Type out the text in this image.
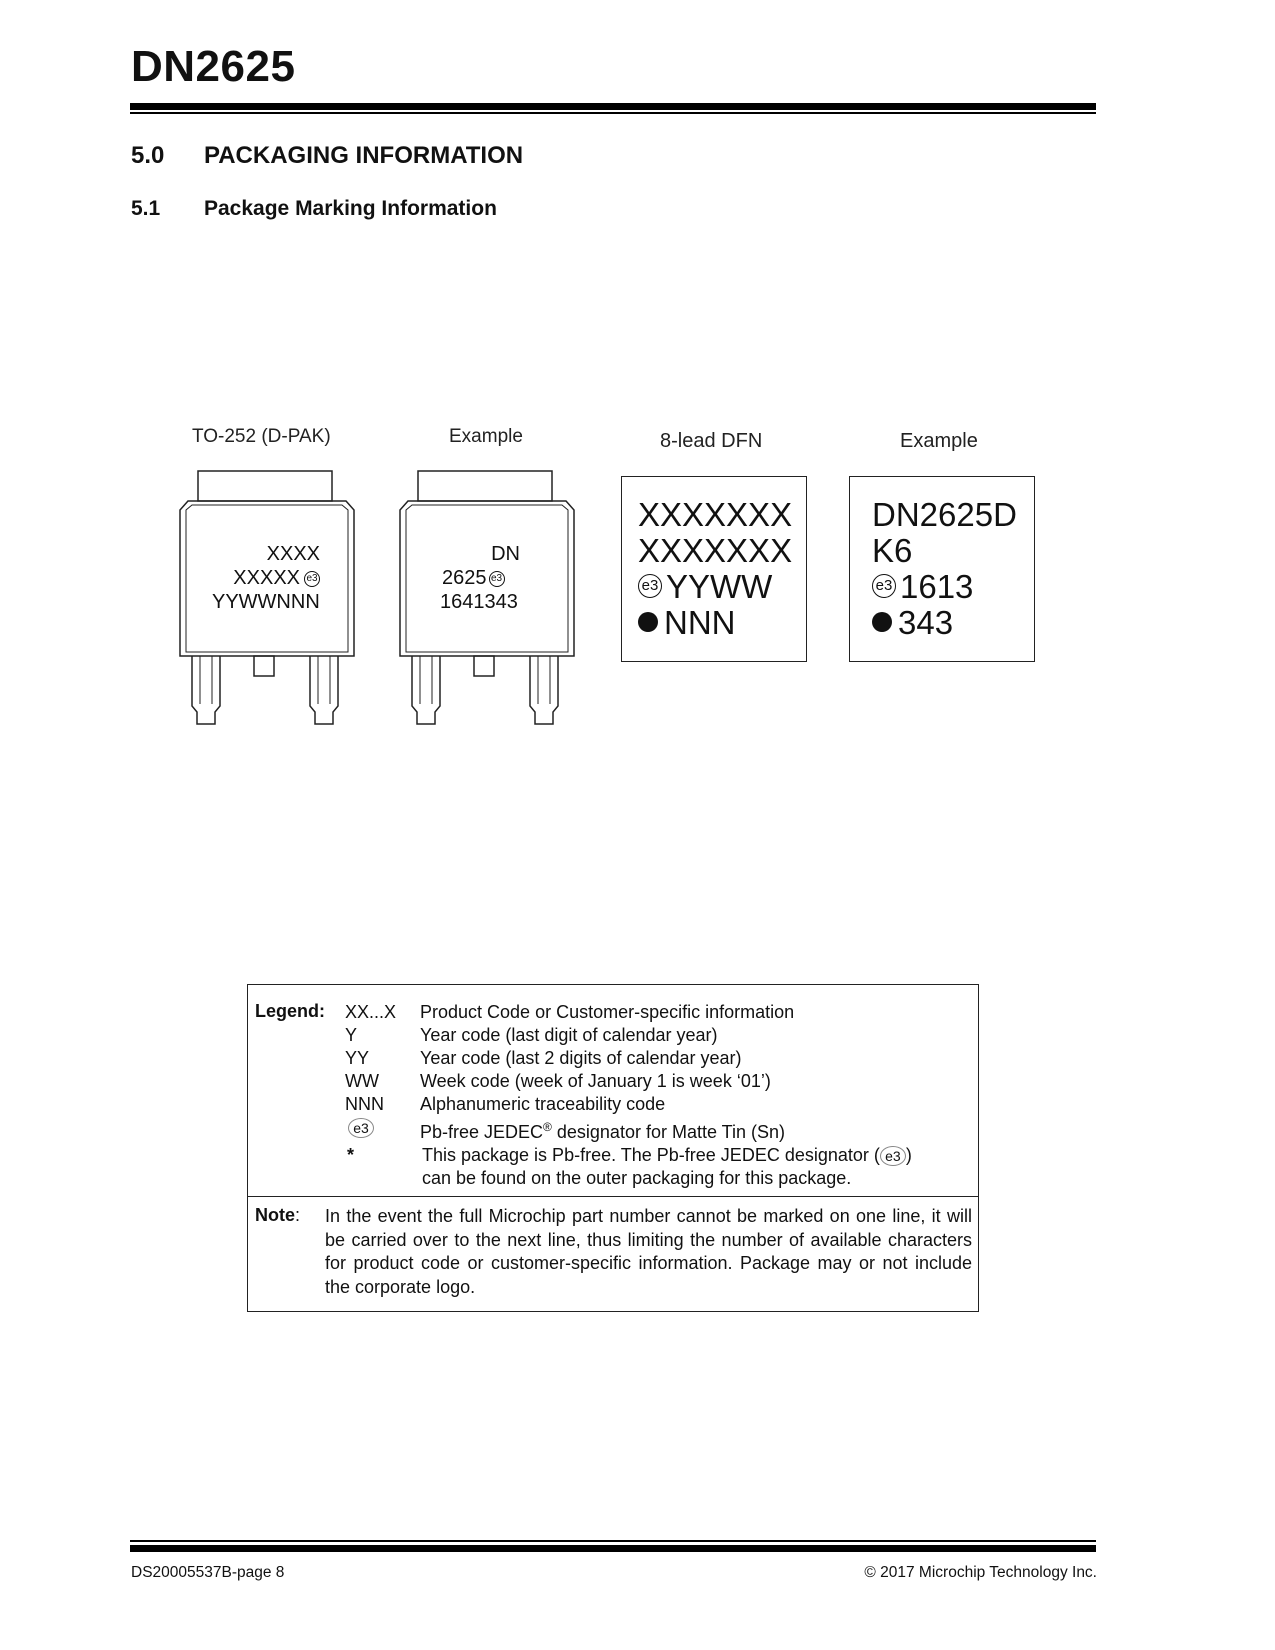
DN2625
5.0 PACKAGING INFORMATION
5.1 Package Marking Information
TO-252 (D-PAK)	Example	8-lead DFN	Example
XXXX
XXXXX e3
YYWWNNN
DN
2625 e3
1641343
XXXXXXX
XXXXXXX
e3 YYWW
NNN
DN2625D
K6
e3 1613
343
Legend: XX...X	Product Code or Customer-specific information
Y	Year code (last digit of calendar year)
YY	Year code (last 2 digits of calendar year)
WW	Week code (week of January 1 is week ‘01’)
NNN	Alphanumeric traceability code
e3	Pb-free JEDEC® designator for Matte Tin (Sn)
*	This package is Pb-free. The Pb-free JEDEC designator ( e3 )
can be found on the outer packaging for this package.
Note: In the event the full Microchip part number cannot be marked on one line, it will be carried over to the next line, thus limiting the number of available characters for product code or customer-specific information. Package may or not include the corporate logo.
DS20005537B-page 8	© 2017 Microchip Technology Inc.
